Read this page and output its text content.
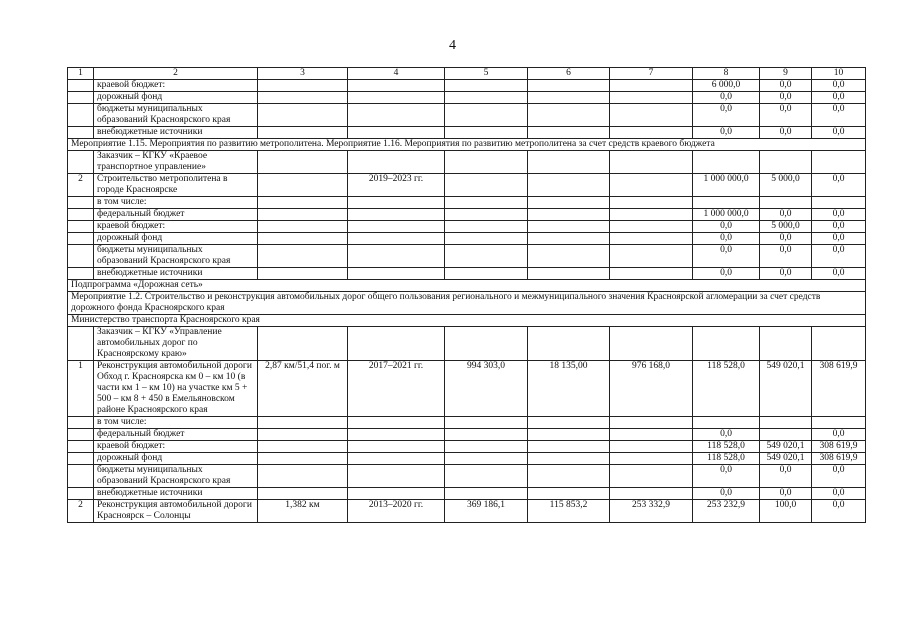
4
1	2	3	4	5	6	7	8	9	10
	краевой бюджет:						6 000,0	0,0	0,0
	дорожный фонд						0,0	0,0	0,0
	бюджеты муниципальных образований Красноярского края						0,0	0,0	0,0
	внебюджетные источники						0,0	0,0	0,0
Мероприятие 1.15. Мероприятия по развитию метрополитена. Мероприятие 1.16. Мероприятия по развитию метрополитена за счет средств краевого бюджета									
	Заказчик – КГКУ «Краевое транспортное управление»								
2	Строительство метрополитена в городе Красноярске		2019–2023 гг.				1 000 000,0	5 000,0	0,0
	в том числе:								
	федеральный бюджет						1 000 000,0	0,0	0,0
	краевой бюджет:						0,0	5 000,0	0,0
	дорожный фонд						0,0	0,0	0,0
	бюджеты муниципальных образований Красноярского края						0,0	0,0	0,0
	внебюджетные источники						0,0	0,0	0,0
Подпрограмма «Дорожная сеть»									
Мероприятие 1.2. Строительство и реконструкция автомобильных дорог общего пользования регионального и межмуниципального значения Красноярской агломерации за счет средств дорожного фонда Красноярского края									
Министерство транспорта Красноярского края									
	Заказчик – КГКУ «Управление автомобильных дорог по Красноярскому краю»								
1	Реконструкция автомобильной дороги Обход г. Красноярска км 0 – км 10 (в части км 1 – км 10) на участке км 5 + 500 – км 8 + 450 в Емельяновском районе Красноярского края	2,87 км/51,4 пог. м	2017–2021 гг.	994 303,0	18 135,00	976 168,0	118 528,0	549 020,1	308 619,9
	в том числе:								
	федеральный бюджет						0,0		0,0
	краевой бюджет:						118 528,0	549 020,1	308 619,9
	дорожный фонд						118 528,0	549 020,1	308 619,9
	бюджеты муниципальных образований Красноярского края						0,0	0,0	0,0
	внебюджетные источники						0,0	0,0	0,0
2	Реконструкция автомобильной дороги Красноярск – Солонцы	1,382 км	2013–2020 гг.	369 186,1	115 853,2	253 332,9	253 232,9	100,0	0,0
